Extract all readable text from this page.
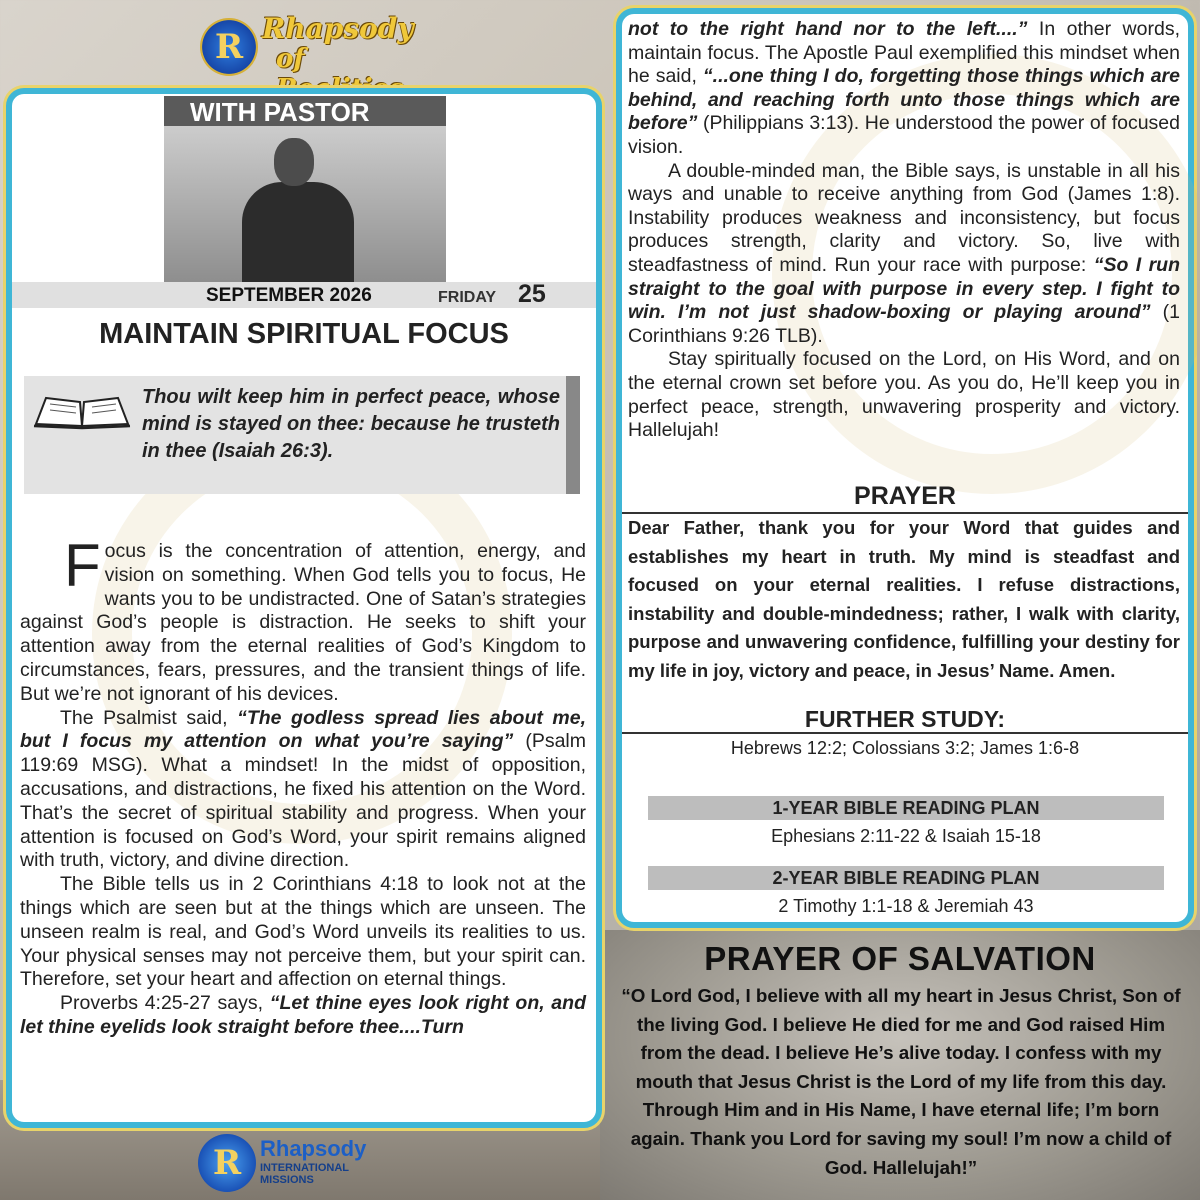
R Rhapsody
of
WITH PASTOR
SEPTEMBER 2026	FRIDAY 25
MAINTAIN SPIRITUAL FOCUS
Thou wilt keep him in perfect peace, whose mind is stayed on thee: because he trusteth in thee (Isaiah 26:3).

Focus is the concentration of attention, energy, and vision on something. When God tells you to focus, He wants you to be undistracted. One of Satan’s strategies against God’s people is distraction. He seeks to shift your attention away from the eternal realities of God’s Kingdom to circumstances, fears, pressures, and the transient things of life. But we’re not ignorant of his devices.

The Psalmist said, “The godless spread lies about me, but I focus my attention on what you’re saying” (Psalm 119:69 MSG). What a mindset! In the midst of opposition, accusations, and distractions, he fixed his attention on the Word. That’s the secret of spiritual stability and progress. When your attention is focused on God’s Word, your spirit remains aligned with truth, victory, and divine direction.

The Bible tells us in 2 Corinthians 4:18 to look not at the things which are seen but at the things which are unseen. The unseen realm is real, and God’s Word unveils its realities to us. Your physical senses may not perceive them, but your spirit can. Therefore, set your heart and affection on eternal things.

Proverbs 4:25-27 says, “Let thine eyes look right on, and let thine eyelids look straight before thee....Turn

not to the right hand nor to the left....” In other words, maintain focus. The Apostle Paul exemplified this mindset when he said, “...one thing I do, forgetting those things which are behind, and reaching forth unto those things which are before” (Philippians 3:13). He understood the power of focused vision.

A double-minded man, the Bible says, is unstable in all his ways and unable to receive anything from God (James 1:8). Instability produces weakness and inconsistency, but focus produces strength, clarity and victory. So, live with steadfastness of mind. Run your race with purpose: “So I run straight to the goal with purpose in every step. I fight to win. I’m not just shadow-boxing or playing around” (1 Corinthians 9:26 TLB).

Stay spiritually focused on the Lord, on His Word, and on the eternal crown set before you. As you do, He’ll keep you in perfect peace, strength, unwavering prosperity and victory. Hallelujah!

PRAYER
Dear Father, thank you for your Word that guides and establishes my heart in truth. My mind is steadfast and focused on your eternal realities. I refuse distractions, instability and double-mindedness; rather, I walk with clarity, purpose and unwavering confidence, fulfilling your destiny for my life in joy, victory and peace, in Jesus’ Name. Amen.
FURTHER STUDY:
Hebrews 12:2; Colossians 3:2; James 1:6-8
1-YEAR BIBLE READING PLAN
Ephesians 2:11-22 & Isaiah 15-18
2-YEAR BIBLE READING PLAN
2 Timothy 1:1-18 & Jeremiah 43
PRAYER OF SALVATION
“O Lord God, I believe with all my heart in Jesus Christ, Son of the living God. I believe He died for me and God raised Him from the dead. I believe He’s alive today. I confess with my mouth that Jesus Christ is the Lord of my life from this day. Through Him and in His Name, I have eternal life; I’m born again. Thank you Lord for saving my soul! I’m now a child of God. Hallelujah!”
R Rhapsody
INTERNATIONAL
MISSIONS
